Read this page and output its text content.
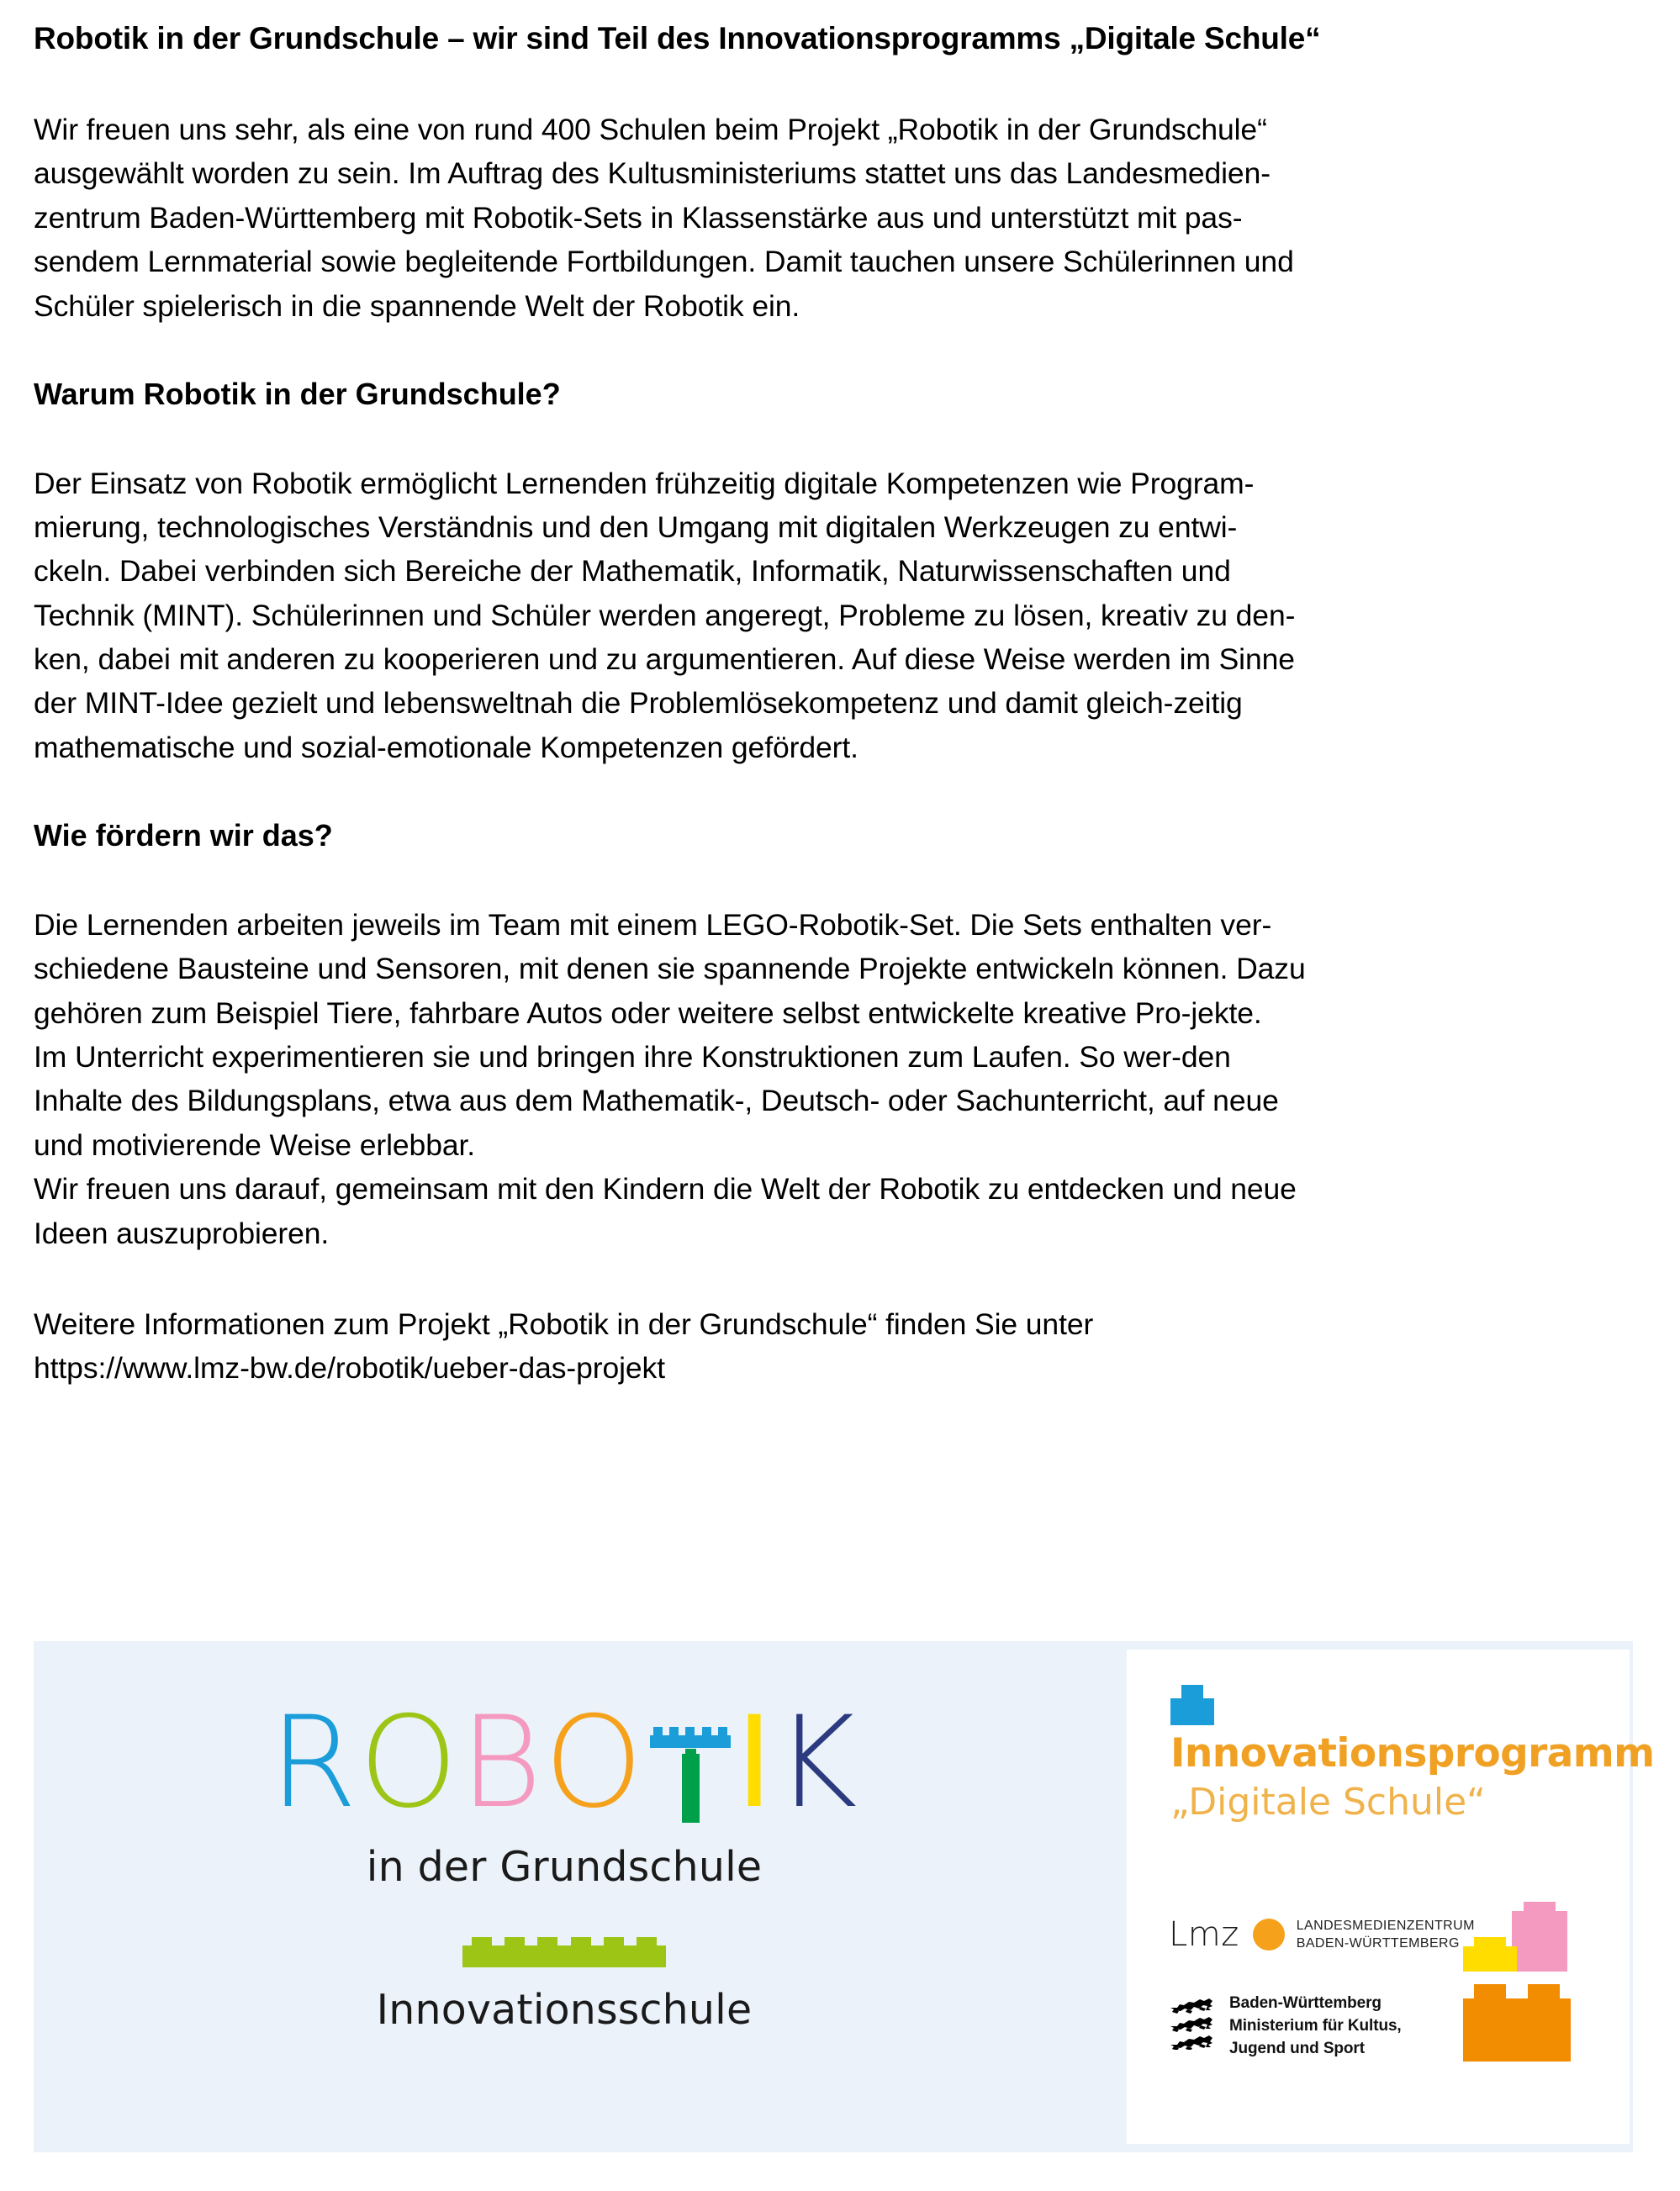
Robotik in der Grundschule – wir sind Teil des Innovationsprogramms „Digitale Schule“

Wir freuen uns sehr, als eine von rund 400 Schulen beim Projekt „Robotik in der Grundschule“
ausgewählt worden zu sein. Im Auftrag des Kultusministeriums stattet uns das Landesmedien-
zentrum Baden-Württemberg mit Robotik-Sets in Klassenstärke aus und unterstützt mit pas-
sendem Lernmaterial sowie begleitende Fortbildungen. Damit tauchen unsere Schülerinnen und
Schüler spielerisch in die spannende Welt der Robotik ein.

Warum Robotik in der Grundschule?

Der Einsatz von Robotik ermöglicht Lernenden frühzeitig digitale Kompetenzen wie Program-
mierung, technologisches Verständnis und den Umgang mit digitalen Werkzeugen zu entwi-
ckeln. Dabei verbinden sich Bereiche der Mathematik, Informatik, Naturwissenschaften und
Technik (MINT). Schülerinnen und Schüler werden angeregt, Probleme zu lösen, kreativ zu den-
ken, dabei mit anderen zu kooperieren und zu argumentieren. Auf diese Weise werden im Sinne
der MINT-Idee gezielt und lebensweltnah die Problemlösekompetenz und damit gleich-zeitig
mathematische und sozial-emotionale Kompetenzen gefördert.

Wie fördern wir das?

Die Lernenden arbeiten jeweils im Team mit einem LEGO-Robotik-Set. Die Sets enthalten ver-
schiedene Bausteine und Sensoren, mit denen sie spannende Projekte entwickeln können. Dazu
gehören zum Beispiel Tiere, fahrbare Autos oder weitere selbst entwickelte kreative Pro-jekte.
Im Unterricht experimentieren sie und bringen ihre Konstruktionen zum Laufen. So wer-den
Inhalte des Bildungsplans, etwa aus dem Mathematik-, Deutsch- oder Sachunterricht, auf neue
und motivierende Weise erlebbar.
Wir freuen uns darauf, gemeinsam mit den Kindern die Welt der Robotik zu entdecken und neue
Ideen auszuprobieren.

Weitere Informationen zum Projekt „Robotik in der Grundschule“ finden Sie unter
https://www.lmz-bw.de/robotik/ueber-das-projekt

R O B O I K
in der Grundschule
Innovationsschule
Innovationsprogramm
„Digitale Schule“
Lmz	LANDESMEDIENZENTRUM
BADEN-WÜRTTEMBERG
Baden-Württemberg
Ministerium für Kultus,
Jugend und Sport
